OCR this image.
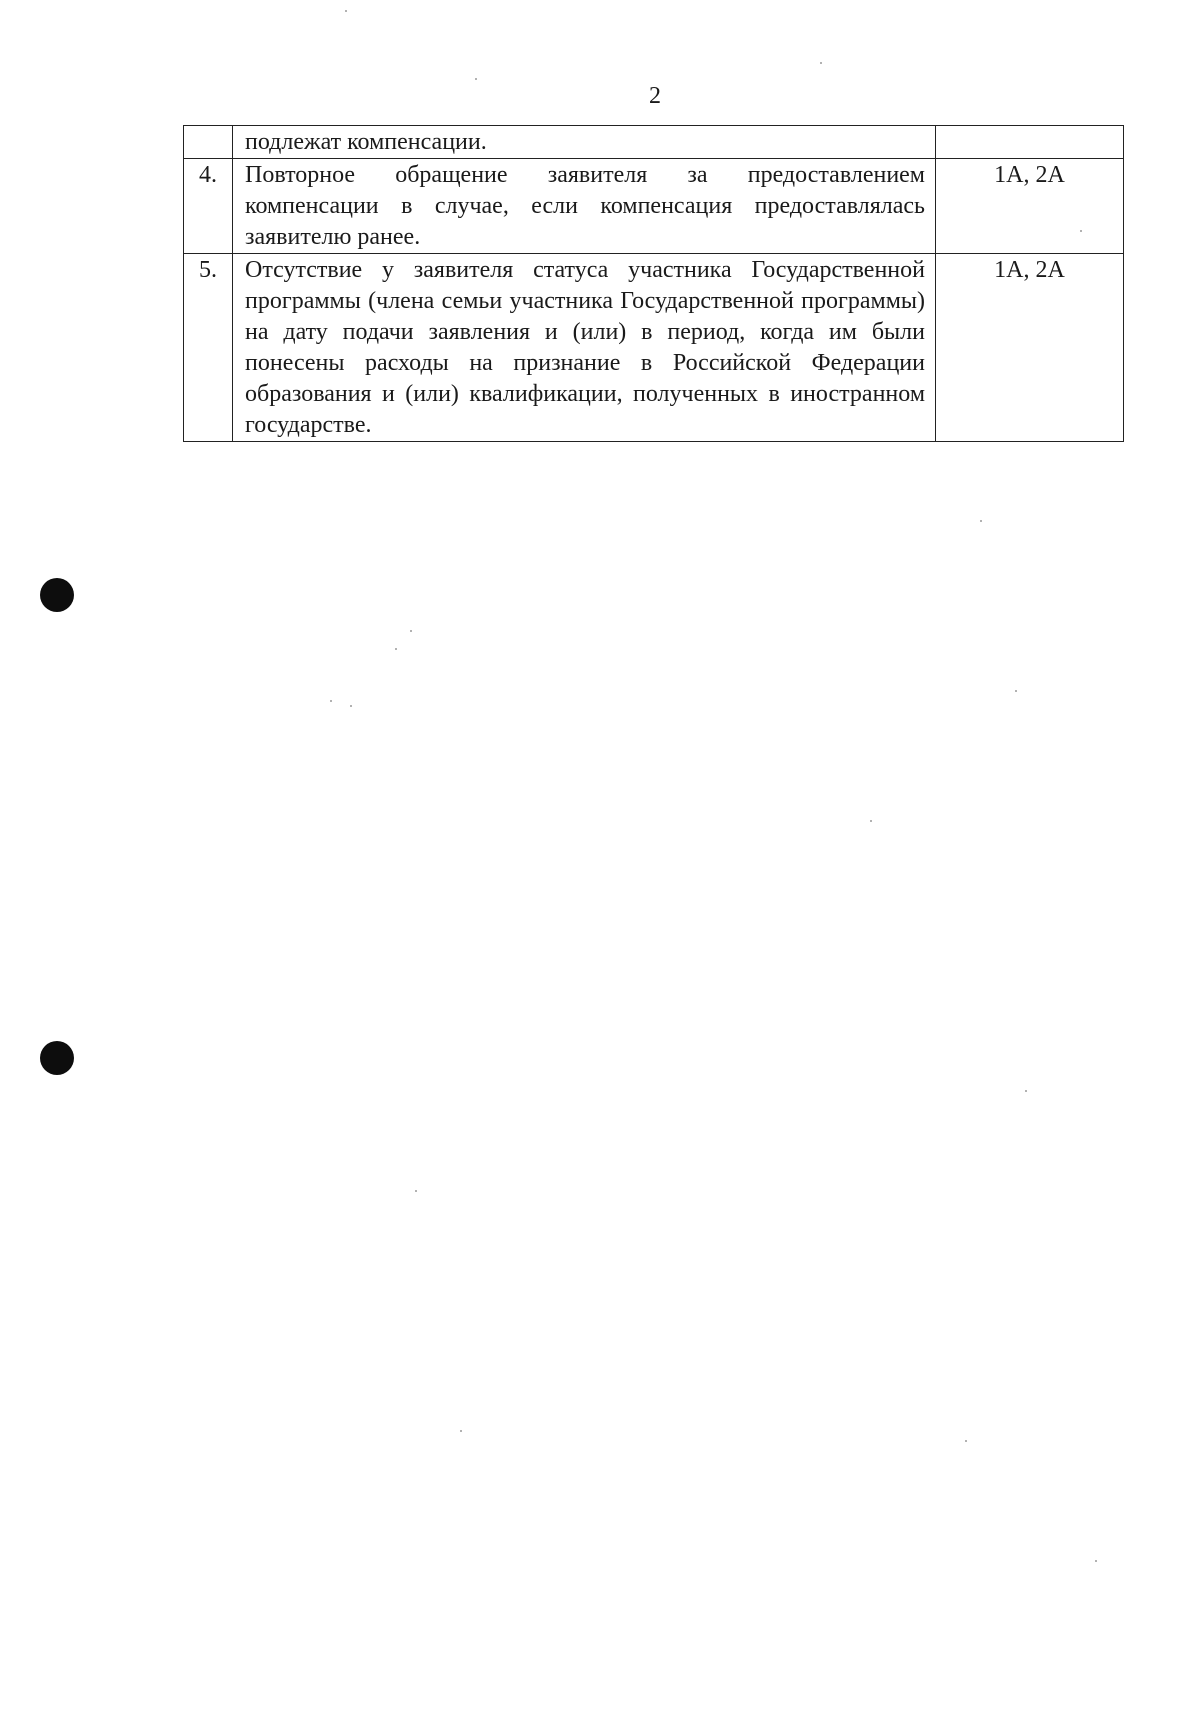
2
	подлежат компенсации.	
4.	Повторное обращение заявителя за предоставлением компенсации в случае, если компенсация предоставлялась заявителю ранее.	1А, 2А
5.	Отсутствие у заявителя статуса участника Государственной программы (члена семьи участника Государственной программы) на дату подачи заявления и (или) в период, когда им были понесены расходы на признание в Российской Федерации образования и (или) квалификации, полученных в иностранном государстве.	1А, 2А
